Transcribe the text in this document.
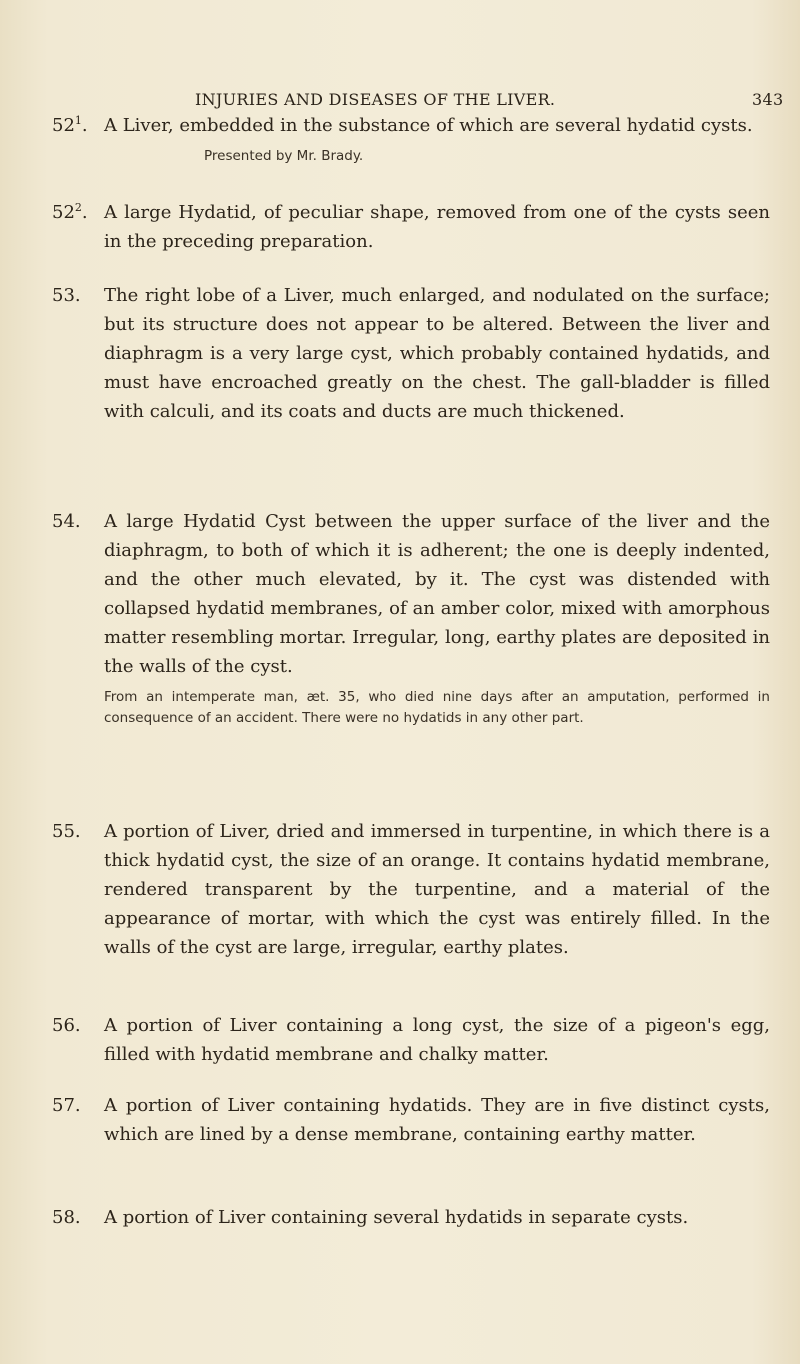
INJURIES AND DISEASES OF THE LIVER.	343
$52^1$. A Liver, embedded in the substance of which are several hydatid cysts.
Presented by Mr. Brady.
$52^2$. A large Hydatid, of peculiar shape, removed from one of the cysts seen in the preceding preparation.
53.	The right lobe of a Liver, much enlarged, and nodulated on the surface; but its structure does not appear to be altered. Between the liver and diaphragm is a very large cyst, which probably contained hydatids, and must have encroached greatly on the chest. The gall-bladder is filled with calculi, and its coats and ducts are much thickened.
54.	A large Hydatid Cyst between the upper surface of the liver and the diaphragm, to both of which it is adherent; the one is deeply indented, and the other much elevated, by it. The cyst was distended with collapsed hydatid membranes, of an amber color, mixed with amorphous matter resembling mortar. Irregular, long, earthy plates are deposited in the walls of the cyst.
From an intemperate man, æt. 35, who died nine days after an amputation, performed in consequence of an accident. There were no hydatids in any other part.
55.	A portion of Liver, dried and immersed in turpentine, in which there is a thick hydatid cyst, the size of an orange. It contains hydatid membrane, rendered transparent by the turpentine, and a material of the appearance of mortar, with which the cyst was entirely filled. In the walls of the cyst are large, irregular, earthy plates.
56.	A portion of Liver containing a long cyst, the size of a pigeon's egg, filled with hydatid membrane and chalky matter.
57.	A portion of Liver containing hydatids. They are in five distinct cysts, which are lined by a dense membrane, containing earthy matter.
58.	A portion of Liver containing several hydatids in separate cysts.
